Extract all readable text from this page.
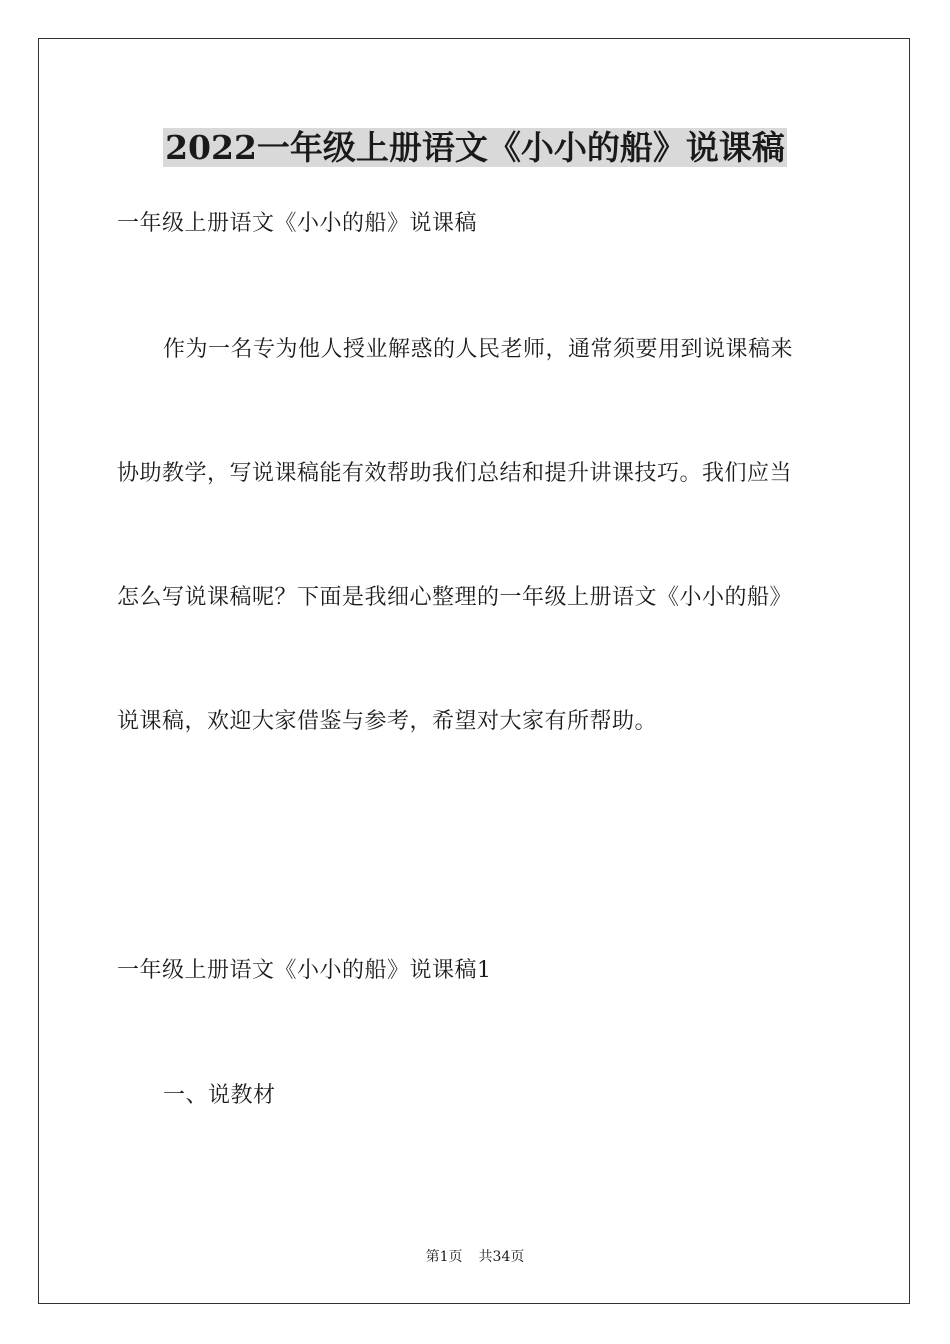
2022一年级上册语文《小小的船》说课稿

一年级上册语文《小小的船》说课稿

作为一名专为他人授业解惑的人民老师，通常须要用到说课稿来

协助教学，写说课稿能有效帮助我们总结和提升讲课技巧。我们应当

怎么写说课稿呢？下面是我细心整理的一年级上册语文《小小的船》

说课稿，欢迎大家借鉴与参考，希望对大家有所帮助。

一年级上册语文《小小的船》说课稿1

一、说教材

第1页 共34页
